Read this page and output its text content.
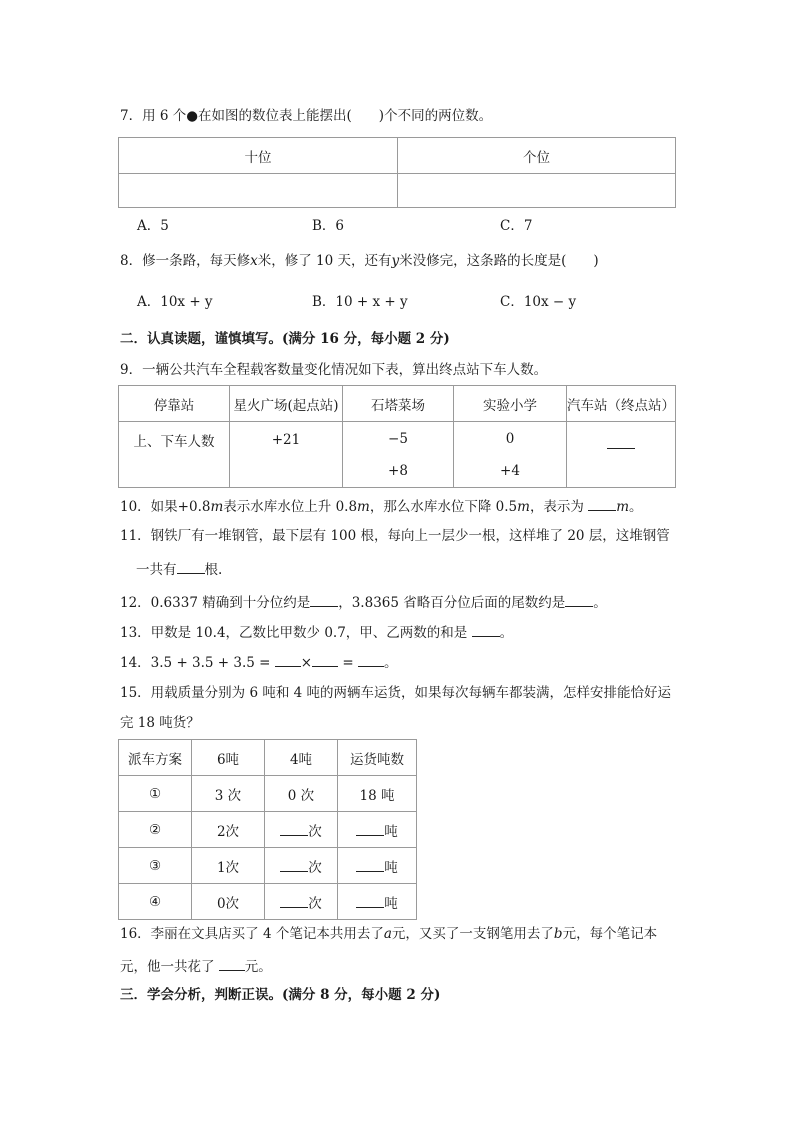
7．用 6 个●在如图的数位表上能摆出(　　)个不同的两位数。
十位	个位

A．5	B．6	C．7
8．修一条路，每天修x米，修了 10 天，还有y米没修完，这条路的长度是(　　)
A．10x + y	B．10 + x + y	C．10x − y
二．认真读题，谨慎填写。(满分 16 分，每小题 2 分)
9．一辆公共汽车全程载客数量变化情况如下表，算出终点站下车人数。
停靠站	星火广场(起点站)	石塔菜场	实验小学	汽车站（终点站）
上、下车人数	+21	−5	0	
		+8	+4	
10．如果+0.8m表示水库水位上升 0.8m，那么水库水位下降 0.5m，表示为 m。
11．钢铁厂有一堆钢管，最下层有 100 根，每向上一层少一根，这样堆了 20 层，这堆钢管
一共有 根.
12．0.6337 精确到十分位约是 ，3.8365 省略百分位后面的尾数约是 。
13．甲数是 10.4，乙数比甲数少 0.7，甲、乙两数的和是 。
14．3.5 + 3.5 + 3.5 = × = 。
15．用载质量分别为 6 吨和 4 吨的两辆车运货，如果每次每辆车都装满，怎样安排能恰好运
完 18 吨货？
派车方案	6吨	4吨	运货吨数
①	3 次	0 次	18 吨
②	2次	次	吨
③	1次	次	吨
④	0次	次	吨
16．李丽在文具店买了 4 个笔记本共用去了a元，又买了一支钢笔用去了b元，每个笔记本
元，他一共花了 元。
三．学会分析，判断正误。(满分 8 分，每小题 2 分)
